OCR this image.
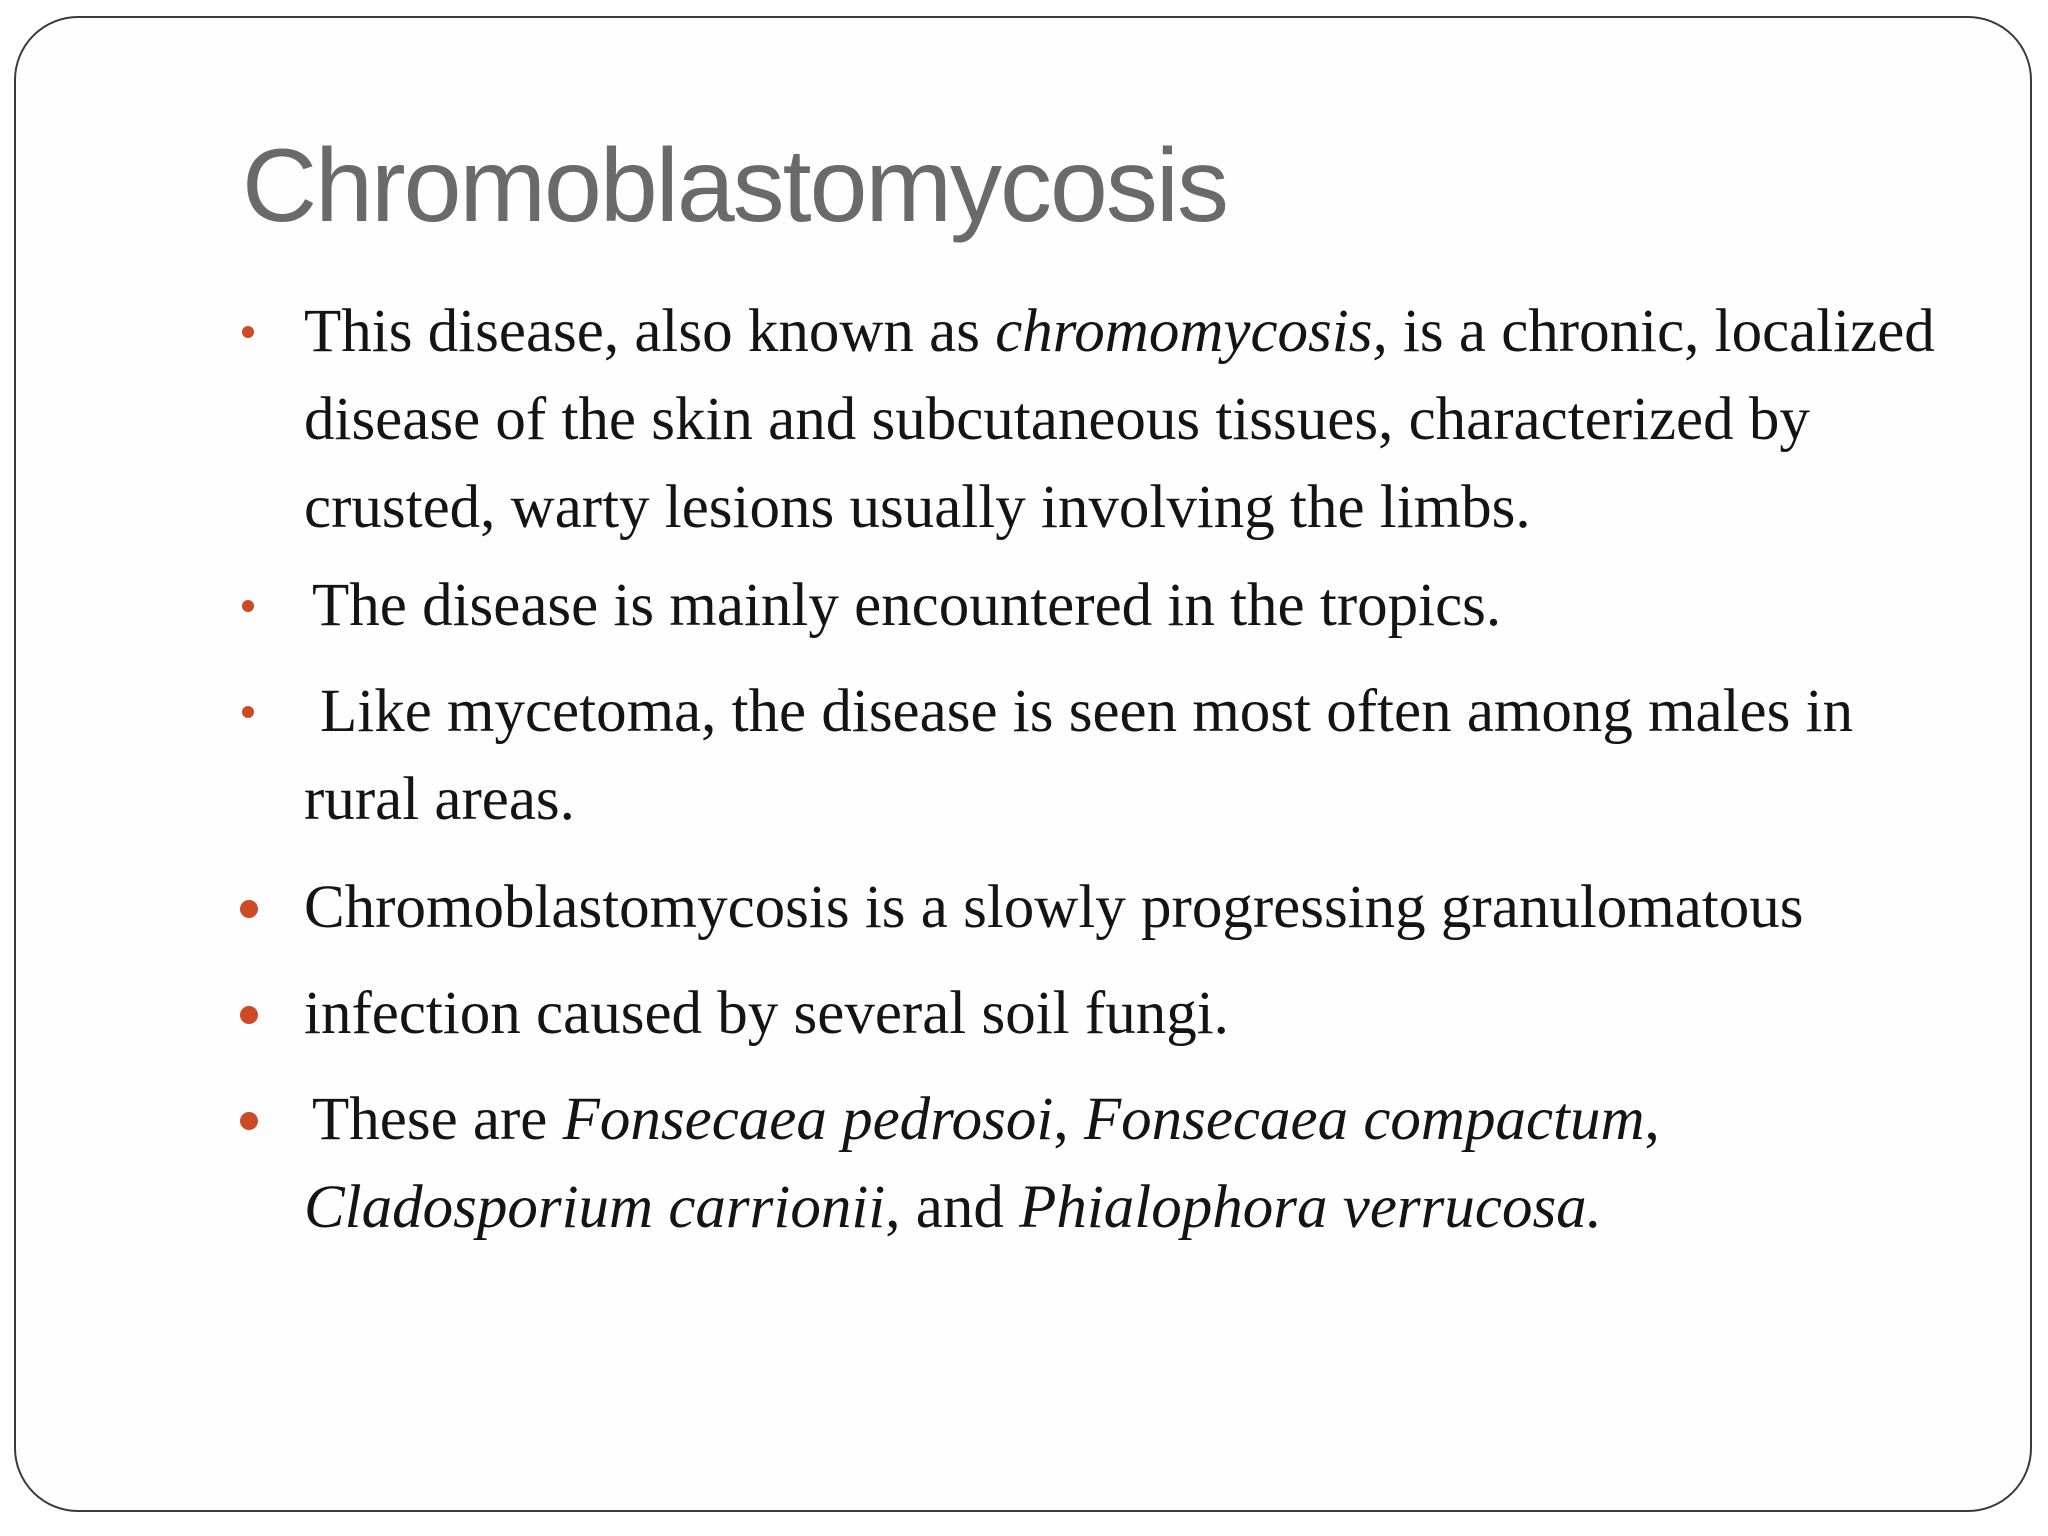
Chromoblastomycosis
This disease, also known as chromomycosis, is a chronic, localized disease of the skin and subcutaneous tissues, characterized by crusted, warty lesions usually involving the limbs.
The disease is mainly encountered in the tropics.
Like mycetoma, the disease is seen most often among males in rural areas.
Chromoblastomycosis is a slowly progressing granulomatous
infection caused by several soil fungi.
These are Fonsecaea pedrosoi, Fonsecaea compactum, Cladosporium carrionii, and Phialophora verrucosa.
